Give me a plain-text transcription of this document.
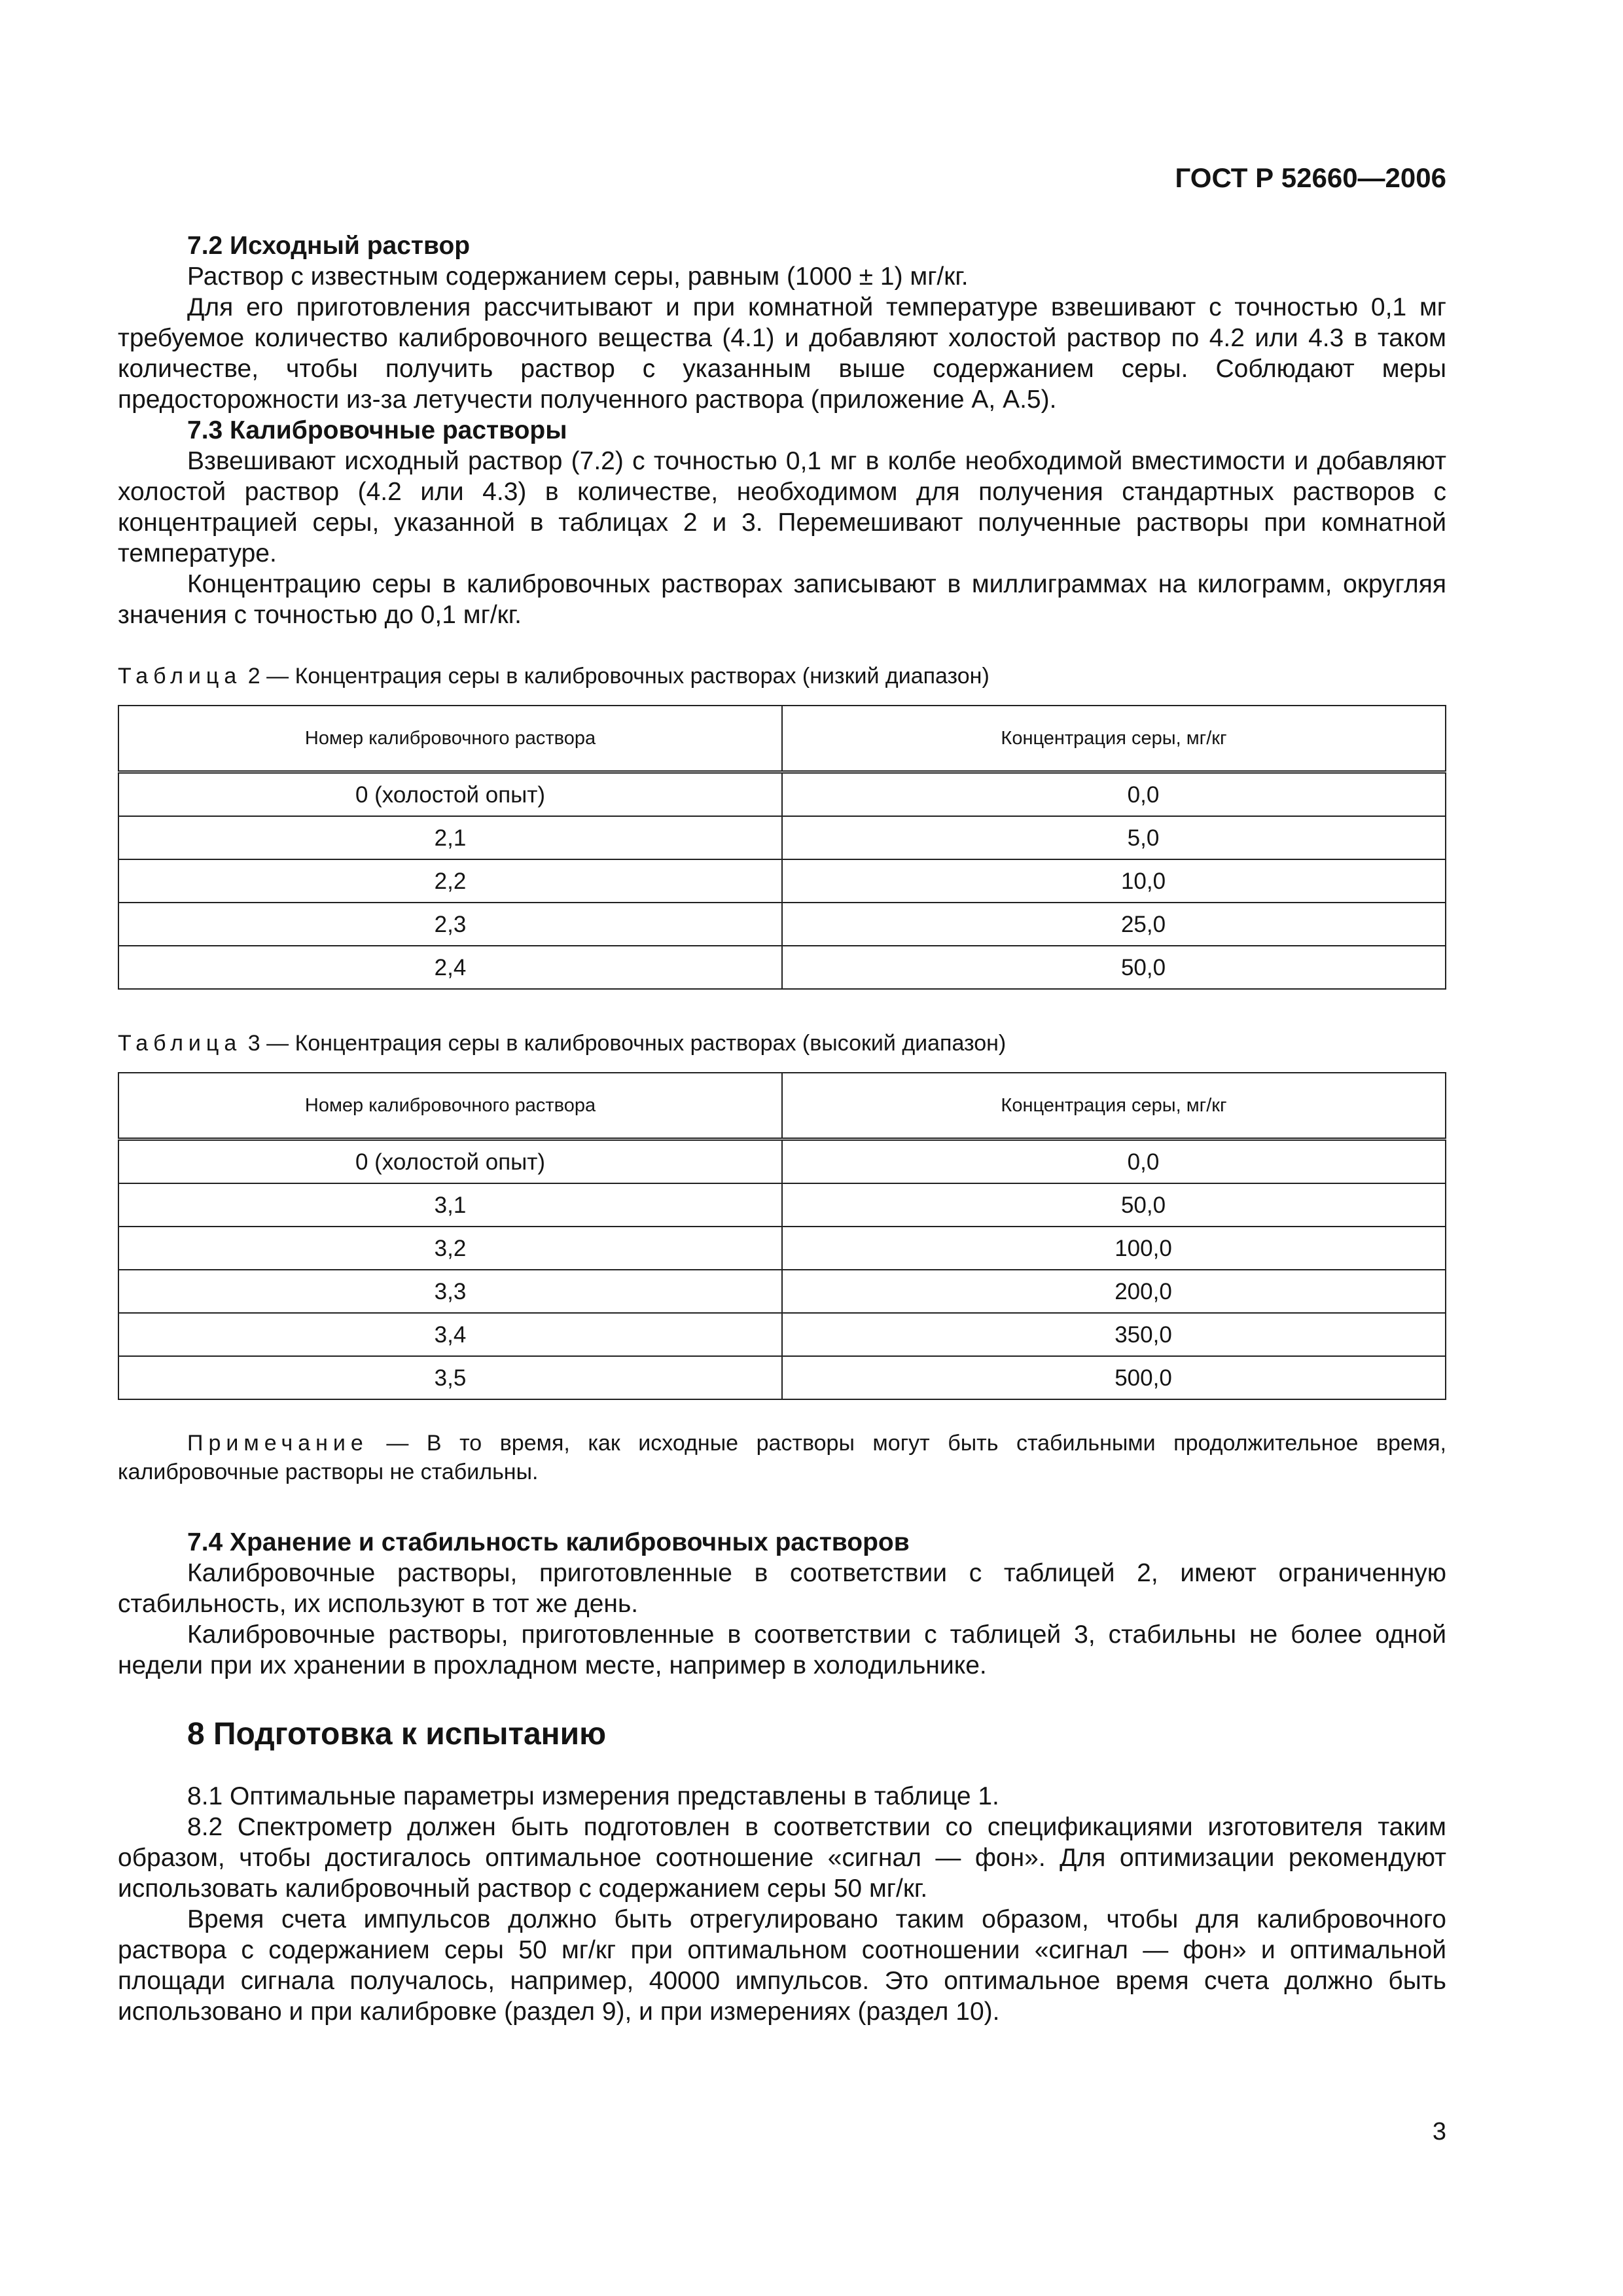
ГОСТ Р 52660—2006

7.2 Исходный раствор

Раствор с известным содержанием серы, равным (1000 ± 1) мг/кг.

Для его приготовления рассчитывают и при комнатной температуре взвешивают с точностью 0,1 мг требуемое количество калибровочного вещества (4.1) и добавляют холостой раствор по 4.2 или 4.3 в таком количестве, чтобы получить раствор с указанным выше содержанием серы. Соблюдают меры предосторожности из-за летучести полученного раствора (приложение А, А.5).

7.3 Калибровочные растворы

Взвешивают исходный раствор (7.2) с точностью 0,1 мг в колбе необходимой вместимости и добавляют холостой раствор (4.2 или 4.3) в количестве, необходимом для получения стандартных растворов с концентрацией серы, указанной в таблицах 2 и 3. Перемешивают полученные растворы при комнатной температуре.

Концентрацию серы в калибровочных растворах записывают в миллиграммах на килограмм, округляя значения с точностью до 0,1 мг/кг.

Таблица 2 — Концентрация серы в калибровочных растворах (низкий диапазон)
Номер калибровочного раствора	Концентрация серы, мг/кг
0 (холостой опыт)	0,0
2,1	5,0
2,2	10,0
2,3	25,0
2,4	50,0
Таблица 3 — Концентрация серы в калибровочных растворах (высокий диапазон)
Номер калибровочного раствора	Концентрация серы, мг/кг
0 (холостой опыт)	0,0
3,1	50,0
3,2	100,0
3,3	200,0
3,4	350,0
3,5	500,0

Примечание — В то время, как исходные растворы могут быть стабильными продолжительное время, калибровочные растворы не стабильны.

7.4 Хранение и стабильность калибровочных растворов

Калибровочные растворы, приготовленные в соответствии с таблицей 2, имеют ограниченную стабильность, их используют в тот же день.

Калибровочные растворы, приготовленные в соответствии с таблицей 3, стабильны не более одной недели при их хранении в прохладном месте, например в холодильнике.

8 Подготовка к испытанию

8.1 Оптимальные параметры измерения представлены в таблице 1.

8.2 Спектрометр должен быть подготовлен в соответствии со спецификациями изготовителя таким образом, чтобы достигалось оптимальное соотношение «сигнал — фон». Для оптимизации рекомендуют использовать калибровочный раствор с содержанием серы 50 мг/кг.

Время счета импульсов должно быть отрегулировано таким образом, чтобы для калибровочного раствора с содержанием серы 50 мг/кг при оптимальном соотношении «сигнал — фон» и оптимальной площади сигнала получалось, например, 40000 импульсов. Это оптимальное время счета должно быть использовано и при калибровке (раздел 9), и при измерениях (раздел 10).

3
